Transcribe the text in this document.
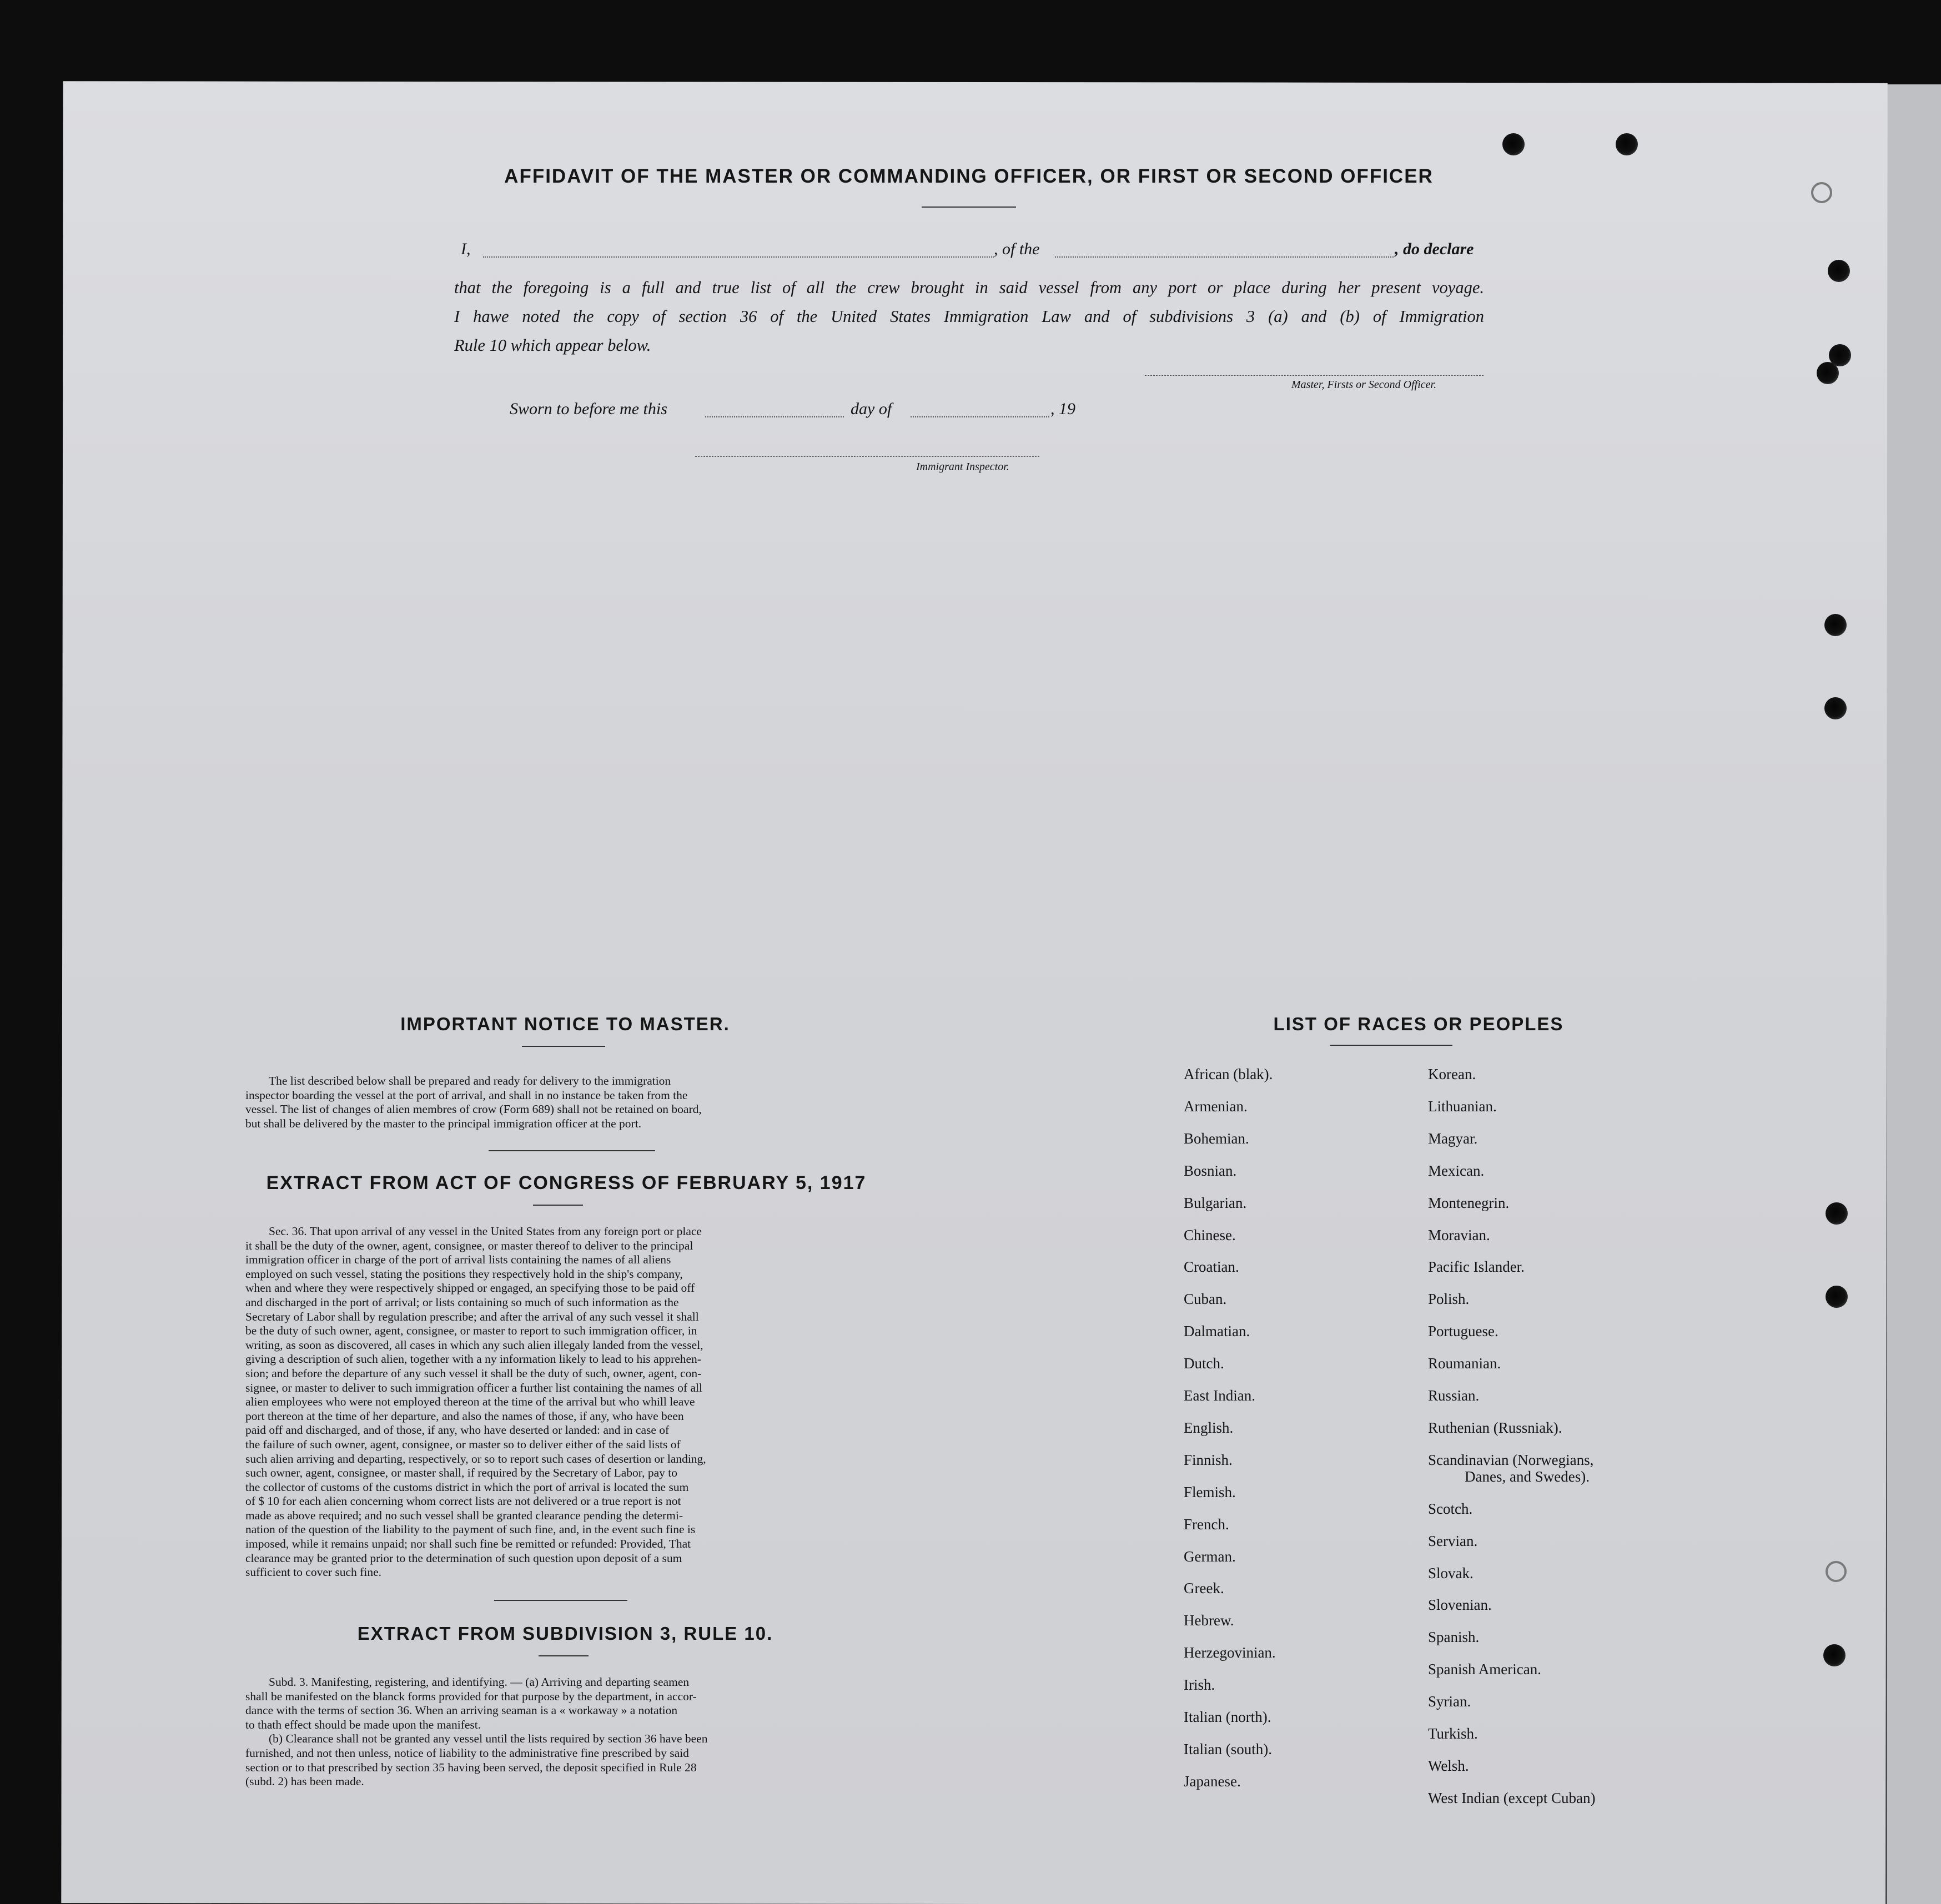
AFFIDAVIT OF THE MASTER OR COMMANDING OFFICER, OR FIRST OR SECOND OFFICER
I,	, of the	, do declare
that the foregoing is a full and true list of all the crew brought in said vessel from any port or place during her present voyage.
I hawe noted the copy of section 36 of the United States Immigration Law and of subdivisions 3 (a) and (b) of Immigration
Rule 10 which appear below.
Master, Firsts or Second Officer.
Sworn to before me this	day of	, 19
Immigrant Inspector.
IMPORTANT NOTICE TO MASTER.

The list described below shall be prepared and ready for delivery to the immigration

inspector boarding the vessel at the port of arrival, and shall in no instance be taken from the

vessel. The list of changes of alien membres of crow (Form 689) shall not be retained on board,

but shall be delivered by the master to the principal immigration officer at the port.

EXTRACT FROM ACT OF CONGRESS OF FEBRUARY 5, 1917

Sec. 36. That upon arrival of any vessel in the United States from any foreign port or place

it shall be the duty of the owner, agent, consignee, or master thereof to deliver to the principal

immigration officer in charge of the port of arrival lists containing the names of all aliens

employed on such vessel, stating the positions they respectively hold in the ship's company,

when and where they were respectively shipped or engaged, an specifying those to be paid off

and discharged in the port of arrival; or lists containing so much of such information as the

Secretary of Labor shall by regulation prescribe; and after the arrival of any such vessel it shall

be the duty of such owner, agent, consignee, or master to report to such immigration officer, in

writing, as soon as discovered, all cases in which any such alien illegaly landed from the vessel,

giving a description of such alien, together with a ny information likely to lead to his apprehen-

sion; and before the departure of any such vessel it shall be the duty of such, owner, agent, con-

signee, or master to deliver to such immigration officer a further list containing the names of all

alien employees who were not employed thereon at the time of the arrival but who whill leave

port thereon at the time of her departure, and also the names of those, if any, who have been

paid off and discharged, and of those, if any, who have deserted or landed: and in case of

the failure of such owner, agent, consignee, or master so to deliver either of the said lists of

such alien arriving and departing, respectively, or so to report such cases of desertion or landing,

such owner, agent, consignee, or master shall, if required by the Secretary of Labor, pay to

the collector of customs of the customs district in which the port of arrival is located the sum

of $ 10 for each alien concerning whom correct lists are not delivered or a true report is not

made as above required; and no such vessel shall be granted clearance pending the determi-

nation of the question of the liability to the payment of such fine, and, in the event such fine is

imposed, while it remains unpaid; nor shall such fine be remitted or refunded: Provided, That

clearance may be granted prior to the determination of such question upon deposit of a sum

sufficient to cover such fine.

EXTRACT FROM SUBDIVISION 3, RULE 10.

Subd. 3. Manifesting, registering, and identifying. — (a) Arriving and departing seamen

shall be manifested on the blanck forms provided for that purpose by the department, in accor-

dance with the terms of section 36. When an arriving seaman is a « workaway » a notation

to thath effect should be made upon the manifest.

(b) Clearance shall not be granted any vessel until the lists required by section 36 have been

furnished, and not then unless, notice of liability to the administrative fine prescribed by said

section or to that prescribed by section 35 having been served, the deposit specified in Rule 28

(subd. 2) has been made.

LIST OF RACES OR PEOPLES
African (blak).
Armenian.
Bohemian.
Bosnian.
Bulgarian.
Chinese.
Croatian.
Cuban.
Dalmatian.
Dutch.
East Indian.
English.
Finnish.
Flemish.
French.
German.
Greek.
Hebrew.
Herzegovinian.
Irish.
Italian (north).
Italian (south).
Japanese.
Korean.
Lithuanian.
Magyar.
Mexican.
Montenegrin.
Moravian.
Pacific Islander.
Polish.
Portuguese.
Roumanian.
Russian.
Ruthenian (Russniak).
Scandinavian (Norwegians,
Danes, and Swedes).
Scotch.
Servian.
Slovak.
Slovenian.
Spanish.
Spanish American.
Syrian.
Turkish.
Welsh.
West Indian (except Cuban)
